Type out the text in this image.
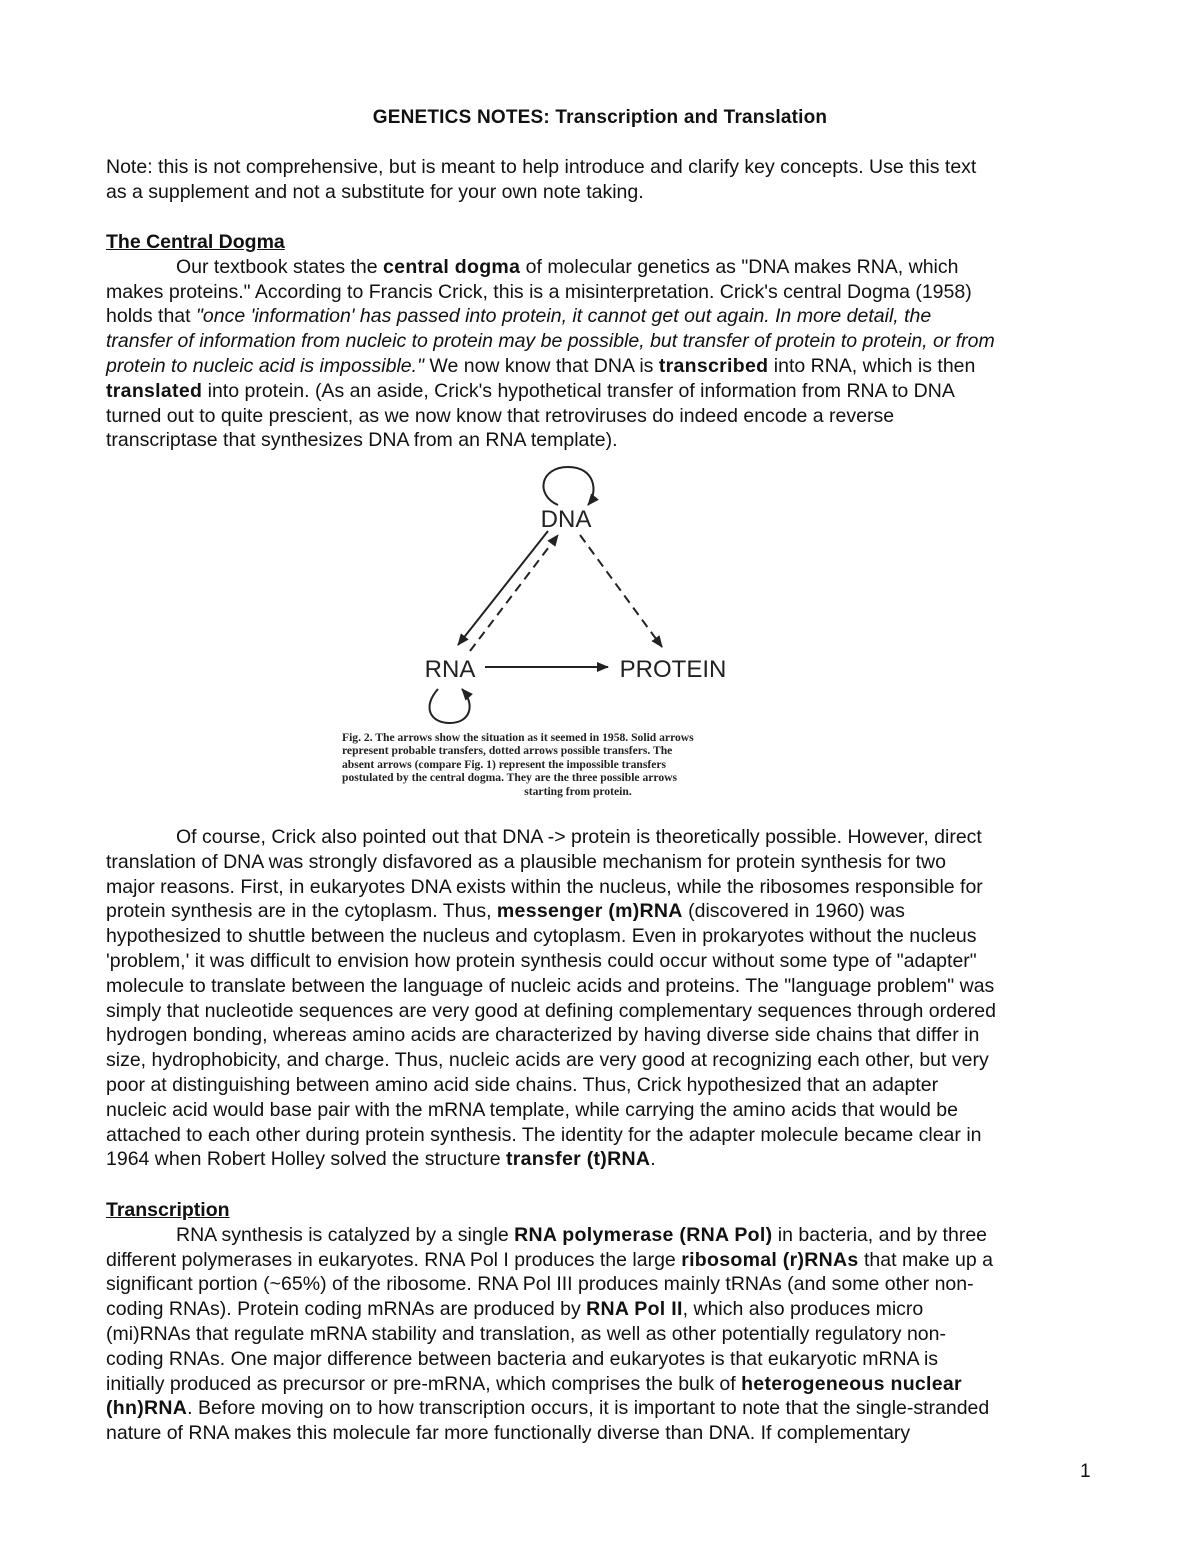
GENETICS NOTES: Transcription and Translation
Note: this is not comprehensive, but is meant to help introduce and clarify key concepts. Use this text
as a supplement and not a substitute for your own note taking.
The Central Dogma
Our textbook states the central dogma of molecular genetics as "DNA makes RNA, which
makes proteins." According to Francis Crick, this is a misinterpretation. Crick's central Dogma (1958)
holds that "once 'information' has passed into protein, it cannot get out again. In more detail, the
transfer of information from nucleic to protein may be possible, but transfer of protein to protein, or from
protein to nucleic acid is impossible." We now know that DNA is transcribed into RNA, which is then
translated into protein. (As an aside, Crick's hypothetical transfer of information from RNA to DNA
turned out to quite prescient, as we now know that retroviruses do indeed encode a reverse
transcriptase that synthesizes DNA from an RNA template).
DNA
RNA	PROTEIN
Fig. 2. The arrows show the situation as it seemed in 1958. Solid arrows
represent probable transfers, dotted arrows possible transfers. The
absent arrows (compare Fig. 1) represent the impossible transfers
postulated by the central dogma. They are the three possible arrows
starting from protein.
Of course, Crick also pointed out that DNA -> protein is theoretically possible. However, direct
translation of DNA was strongly disfavored as a plausible mechanism for protein synthesis for two
major reasons. First, in eukaryotes DNA exists within the nucleus, while the ribosomes responsible for
protein synthesis are in the cytoplasm. Thus, messenger (m)RNA (discovered in 1960) was
hypothesized to shuttle between the nucleus and cytoplasm. Even in prokaryotes without the nucleus
'problem,' it was difficult to envision how protein synthesis could occur without some type of "adapter"
molecule to translate between the language of nucleic acids and proteins. The "language problem" was
simply that nucleotide sequences are very good at defining complementary sequences through ordered
hydrogen bonding, whereas amino acids are characterized by having diverse side chains that differ in
size, hydrophobicity, and charge. Thus, nucleic acids are very good at recognizing each other, but very
poor at distinguishing between amino acid side chains. Thus, Crick hypothesized that an adapter
nucleic acid would base pair with the mRNA template, while carrying the amino acids that would be
attached to each other during protein synthesis. The identity for the adapter molecule became clear in
1964 when Robert Holley solved the structure transfer (t)RNA.
Transcription
RNA synthesis is catalyzed by a single RNA polymerase (RNA Pol) in bacteria, and by three
different polymerases in eukaryotes. RNA Pol I produces the large ribosomal (r)RNAs that make up a
significant portion (~65%) of the ribosome. RNA Pol III produces mainly tRNAs (and some other non-
coding RNAs). Protein coding mRNAs are produced by RNA Pol II, which also produces micro
(mi)RNAs that regulate mRNA stability and translation, as well as other potentially regulatory non-
coding RNAs. One major difference between bacteria and eukaryotes is that eukaryotic mRNA is
initially produced as precursor or pre-mRNA, which comprises the bulk of heterogeneous nuclear
(hn)RNA. Before moving on to how transcription occurs, it is important to note that the single-stranded
nature of RNA makes this molecule far more functionally diverse than DNA. If complementary
1
